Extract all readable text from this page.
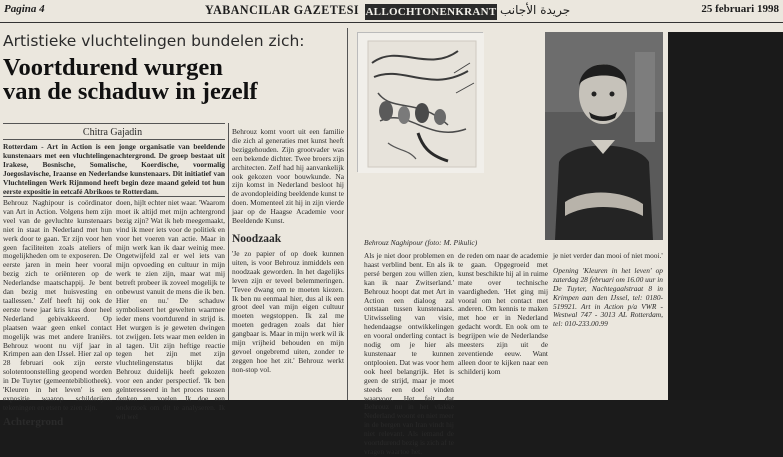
Pagina 4	YABANCILAR GAZETESI ALLOCHTONENKRANT جريدة الأجانب
Artistieke vluchtelingen bundelen zich:
Voortdurend wurgen
van de schaduw in jezelf
Chitra Gajadin
Rotterdam - Art in Action is een jonge organisatie van beeldende kunstenaars met een vluchtelingenachtergrond. De groep bestaat uit Irakese, Bosnische, Somalische, Koerdische, voormalig Joegoslavische, Iraanse en Nederlandse kunstenaars. Dit initiatief van Vluchtelingen Werk Rijnmond heeft begin deze maand geleid tot hun eerste expositie in eetcafé Abrikoos te Rotterdam.
Behrouz Naghipour is coördinator van Art in Action. Volgens hem zijn veel van de gevluchte kunstenaars niet in staat in Nederland met hun werk door te gaan. 'Er zijn voor hen geen faciliteiten zoals ateliers of mogelijkheden om te exposeren. De eerste jaren in mein heer vooral bezig zich te oriënteren op de Nederlandse maatschappij. Je bent dan bezig met huisvesting en taallessen.' Zelf heeft hij ook de eerste twee jaar kris kras door heel Nederland gebivakkeerd. Op plaatsen waar geen enkel contact mogelijk was met andere Iraniërs. Behrouz woont nu vijf jaar in Krimpen aan den IJssel. Hier zal op 28 februari ook zijn eerste solotentoonstelling geopend worden in De Tuyter (gemeentebibliotheek). 'Kleuren in het leven' is een expositie waarop schilderijen, tekeningen en etsen te zien zijn.
Achtergrond
doen, hijlt echter niet waar. 'Waarom moet ik altijd met mijn achtergrond bezig zijn? Wat ik heb meegemaakt, vind ik meer iets voor de politiek en voor het voeren van actie. Maar in mijn werk kan ik daar weinig mee. Ongetwijfeld zal er wel iets van mijn opvoeding en cultuur in mijn werk te zien zijn, maar wat mij betreft probeer ik zoveel mogelijk te onbewust vanuit de mens die ik ben. Hier en nu.' De schaduw symboliseert het gewelten waarmee ieder mens voortdurend in strijd is. Het wurgen is je geweten dwingen tot zwijgen. Iets waar men eelden in al tagen. Uit zijn heftige reactie tegen het zijn met zijn vluchtelingenstatus blijkt dat Behrouz duidelijk heeft gekozen voor een ander perspectief. 'Ik ben geïnteresseerd in het proces tussen denken en voelen. Ik doe een onderzoek om dit te analyseren. Ik wil wel
Behrouz komt voort uit een familie die zich al generaties met kunst heeft beziggehouden. Zijn grootvader was een bekende dichter. Twee broers zijn architecten. Zelf had hij aanvankelijk ook gekozen voor bouwkunde. Na zijn komst in Nederland besloot hij de avondopleiding beeldende kunst te doen. Momenteel zit hij in zijn vierde jaar op de Haagse Academie voor Beeldende Kunst.
Noodzaak
'Je zo papier of op doek kunnen uiten, is voor Behrouz inmiddels een noodzaak geworden. In het dagelijks leven zijn er teveel belemmeringen. 'Tevee dwang om te moeten kiezen. Ik ben nu eenmaal hier, dus al ik een groot deel van mijn eigen cultuur moeten wegstoppen. Ik zal me moeten gedragen zoals dat hier gangbaar is. Maar in mijn werk wil ik mijn vrijheid behouden en mijn gevoel ongebremd uiten, zonder te zeggen hoe het zit.' Behrouz werkt non-stop vol.
Behrouz Naghipour (foto: M. Pikulic)
Als je niet door problemen en haast verblind bent. En als ik persé bergen zou willen zien, kan ik naar Zwitserland.' Behrouz hoopt dat met Art in Action een dialoog zal ontstaan tussen kunstenaars. Uitwisseling van visie, hedendaagse ontwikkelingen en vooral onderling contact is nodig om je hier als kunstenaar te kunnen ontplooien. Dat was voor hem ook heel belangrijk. Het is geen de strijd, maar je moet steeds een doel vinden waarvoor. Het feit dat Behrouz nu in het vlakke Nederland woont en niet meer in de bergen van Iran vindt hij niet relevant. Als iemand de voortdurend bezig is zich af te vragen waartoe het.
de reden om naar de academie te gaan. Opgegroeid met kunst beschikte hij al in ruime mate over technische vaardigheden. 'Het ging mij vooral om het contact met anderen. Om kennis te maken met hoe er in Nederland gedacht wordt. En ook om te begrijpen wie de Nederlandse meesters zijn uit de zeventiende eeuw. Want alleen door te kijken naar een schilderij kom
je niet verder dan mooi of niet mooi.'
Opening 'Kleuren in het leven' op zaterdag 28 februari om 16.00 uur in De Tuyter, Nachtegaalstraat 8 in Krimpen aan den IJssel, tel: 0180-519921. Art in Action p/a VWR - Westwal 747 - 3013 AL Rotterdam, tel: 010-233.00.99
25 februari 1998
